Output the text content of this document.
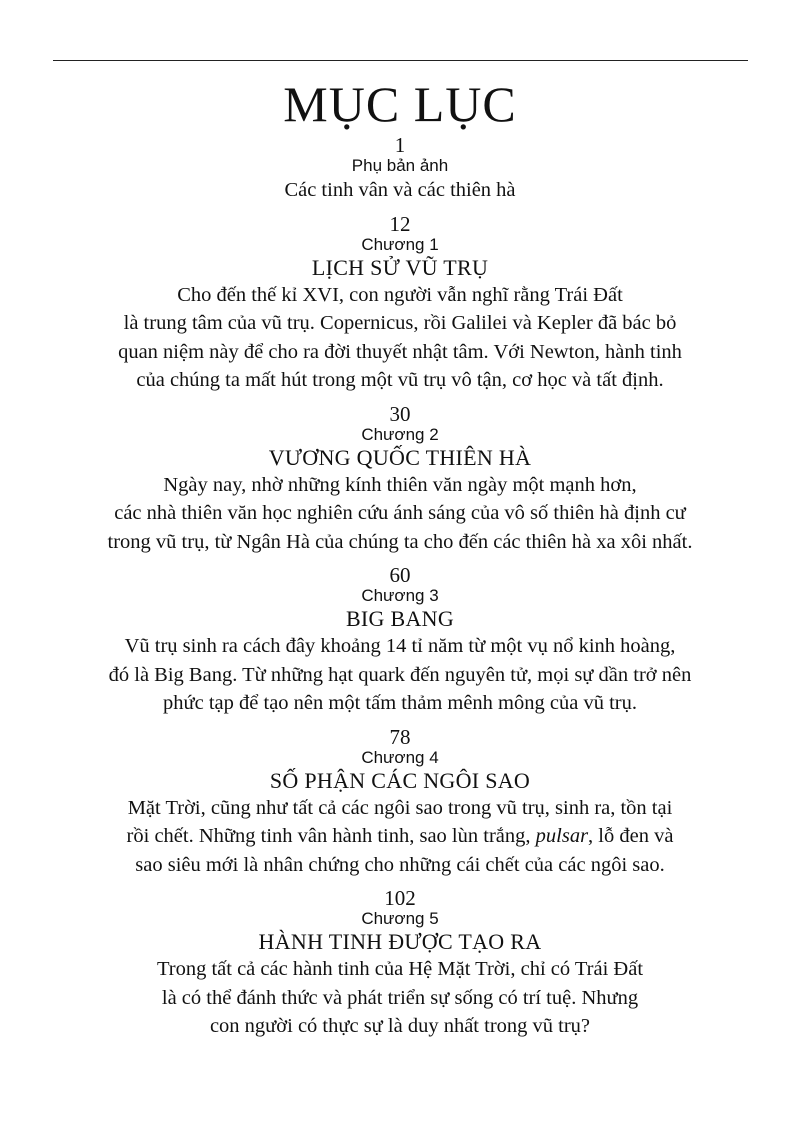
MỤC LỤC
1
Phụ bản ảnh
Các tinh vân và các thiên hà
12
Chương 1
LỊCH SỬ VŨ TRỤ
Cho đến thế kỉ XVI, con người vẫn nghĩ rằng Trái Đất
là trung tâm của vũ trụ. Copernicus, rồi Galilei và Kepler đã bác bỏ
quan niệm này để cho ra đời thuyết nhật tâm. Với Newton, hành tinh
của chúng ta mất hút trong một vũ trụ vô tận, cơ học và tất định.
30
Chương 2
VƯƠNG QUỐC THIÊN HÀ
Ngày nay, nhờ những kính thiên văn ngày một mạnh hơn,
các nhà thiên văn học nghiên cứu ánh sáng của vô số thiên hà định cư
trong vũ trụ, từ Ngân Hà của chúng ta cho đến các thiên hà xa xôi nhất.
60
Chương 3
BIG BANG
Vũ trụ sinh ra cách đây khoảng 14 tỉ năm từ một vụ nổ kinh hoàng,
đó là Big Bang. Từ những hạt quark đến nguyên tử, mọi sự dần trở nên
phức tạp để tạo nên một tấm thảm mênh mông của vũ trụ.
78
Chương 4
SỐ PHẬN CÁC NGÔI SAO
Mặt Trời, cũng như tất cả các ngôi sao trong vũ trụ, sinh ra, tồn tại
rồi chết. Những tinh vân hành tinh, sao lùn trắng, pulsar, lỗ đen và
sao siêu mới là nhân chứng cho những cái chết của các ngôi sao.
102
Chương 5
HÀNH TINH ĐƯỢC TẠO RA
Trong tất cả các hành tinh của Hệ Mặt Trời, chỉ có Trái Đất
là có thể đánh thức và phát triển sự sống có trí tuệ. Nhưng
con người có thực sự là duy nhất trong vũ trụ?
